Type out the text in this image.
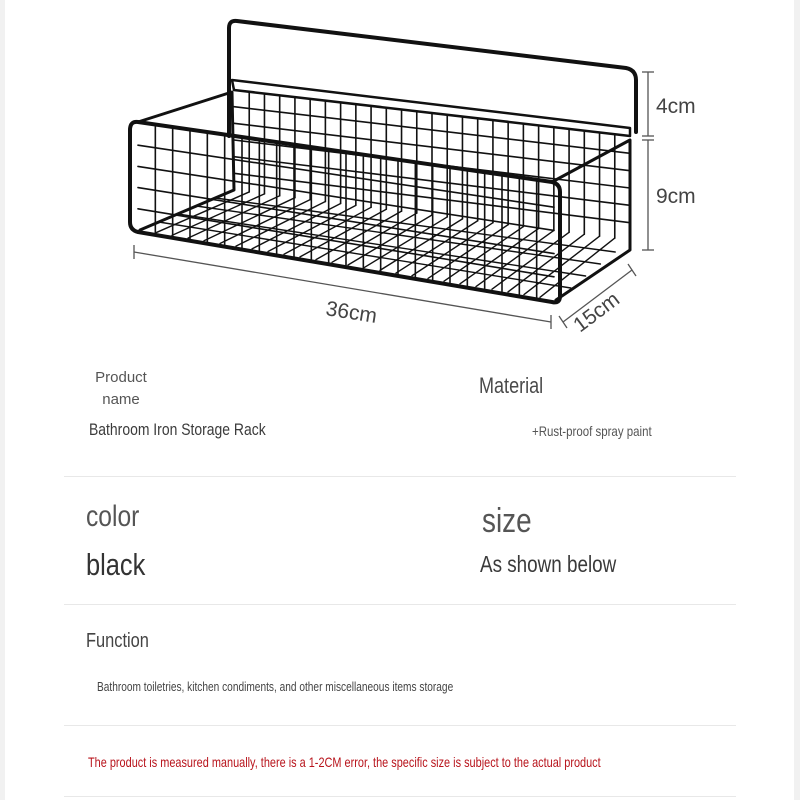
4cm
9cm
36cm	15cm
Product
name
Bathroom Iron Storage Rack
Material
+Rust-proof spray paint
color
black
size
As shown below
Function
Bathroom toiletries, kitchen condiments, and other miscellaneous items storage
The product is measured manually, there is a 1-2CM error, the specific size is subject to the actual product
